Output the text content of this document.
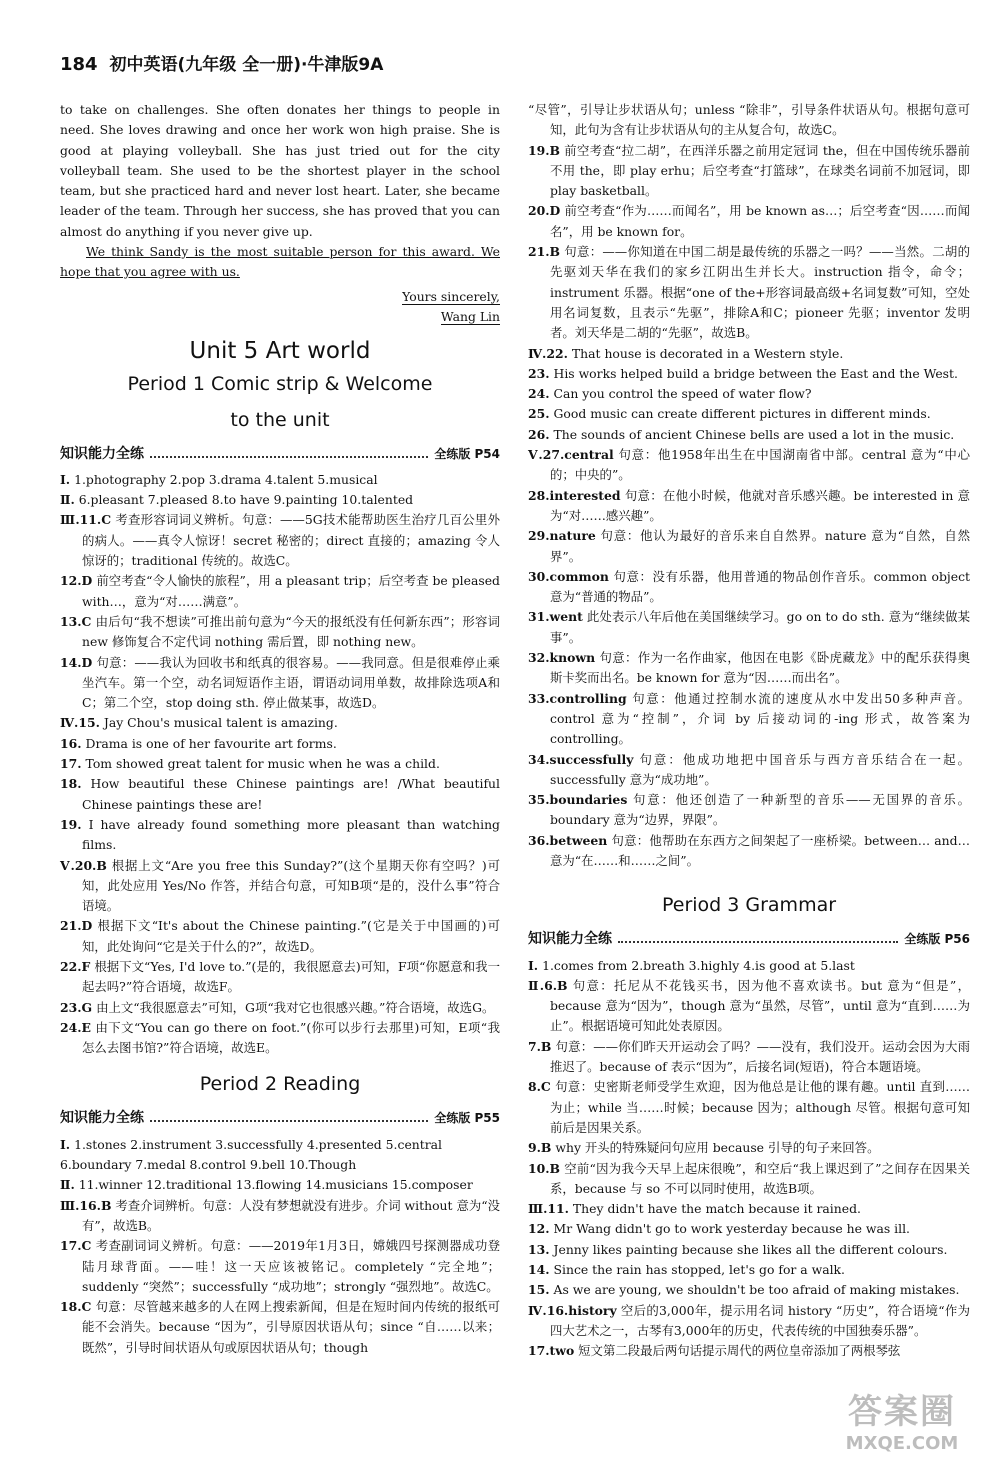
184 初中英语(九年级 全一册)·牛津版9A

to take on challenges. She often donates her things to people in need. She loves drawing and once her work won high praise. She is good at playing volleyball. She has just tried out for the city volleyball team. She used to be the shortest player in the school team, but she practiced hard and never lost heart. Later, she became leader of the team. Through her success, she has proved that you can almost do anything if you never give up.

We think Sandy is the most suitable person for this award. We hope that you agree with us.

Yours sincerely,

Wang Lin

Unit 5 Art world
Period 1 Comic strip & Welcome
to the unit
知识能力全练	全练版 P54

Ⅰ. 1.photography 2.pop 3.drama 4.talent 5.musical

Ⅱ. 6.pleasant 7.pleased 8.to have 9.painting 10.talented

Ⅲ.11.C 考查形容词词义辨析。句意：——5G技术能帮助医生治疗几百公里外的病人。——真令人惊讶！secret 秘密的；direct 直接的；amazing 令人惊讶的；traditional 传统的。故选C。

12.D 前空考查“令人愉快的旅程”，用 a pleasant trip；后空考查 be pleased with…，意为“对……满意”。

13.C 由后句“我不想读”可推出前句意为“今天的报纸没有任何新东西”；形容词 new 修饰复合不定代词 nothing 需后置，即 nothing new。

14.D 句意：——我认为回收书和纸真的很容易。——我同意。但是很难停止乘坐汽车。第一个空，动名词短语作主语，谓语动词用单数，故排除选项A和C；第二个空，stop doing sth. 停止做某事，故选D。

Ⅳ.15. Jay Chou's musical talent is amazing.

16. Drama is one of her favourite art forms.

17. Tom showed great talent for music when he was a child.

18. How beautiful these Chinese paintings are! /What beautiful Chinese paintings these are!

19. I have already found something more pleasant than watching films.

Ⅴ.20.B 根据上文“Are you free this Sunday?”(这个星期天你有空吗？)可知，此处应用 Yes/No 作答，并结合句意，可知B项“是的，没什么事”符合语境。

21.D 根据下文“It's about the Chinese painting.”(它是关于中国画的)可知，此处询问“它是关于什么的?”，故选D。

22.F 根据下文“Yes, I'd love to.”(是的，我很愿意去)可知，F项“你愿意和我一起去吗?”符合语境，故选F。

23.G 由上文“我很愿意去”可知，G项“我对它也很感兴趣。”符合语境，故选G。

24.E 由下文“You can go there on foot.”(你可以步行去那里)可知，E项“我怎么去图书馆?”符合语境，故选E。

Period 2 Reading
知识能力全练	全练版 P55

Ⅰ. 1.stones 2.instrument 3.successfully 4.presented 5.central

6.boundary 7.medal 8.control 9.bell 10.Though

Ⅱ. 11.winner 12.traditional 13.flowing 14.musicians 15.composer

Ⅲ.16.B 考查介词辨析。句意：人没有梦想就没有进步。介词 without 意为“没有”，故选B。

17.C 考查副词词义辨析。句意：——2019年1月3日，嫦娥四号探测器成功登陆月球背面。——哇！这一天应该被铭记。completely “完全地”；suddenly “突然”；successfully “成功地”；strongly “强烈地”。故选C。

18.C 句意：尽管越来越多的人在网上搜索新闻，但是在短时间内传统的报纸可能不会消失。because “因为”，引导原因状语从句；since “自……以来；既然”，引导时间状语从句或原因状语从句；though

“尽管”，引导让步状语从句；unless “除非”，引导条件状语从句。根据句意可知，此句为含有让步状语从句的主从复合句，故选C。

19.B 前空考查“拉二胡”，在西洋乐器之前用定冠词 the，但在中国传统乐器前不用 the，即 play erhu；后空考查“打篮球”，在球类名词前不加冠词，即 play basketball。

20.D 前空考查“作为……而闻名”，用 be known as…；后空考查“因……而闻名”，用 be known for。

21.B 句意：——你知道在中国二胡是最传统的乐器之一吗？——当然。二胡的先驱刘天华在我们的家乡江阴出生并长大。instruction 指令，命令；instrument 乐器。根据“one of the+形容词最高级+名词复数”可知，空处用名词复数，且表示“先驱”，排除A和C；pioneer 先驱；inventor 发明者。刘天华是二胡的“先驱”，故选B。

Ⅳ.22. That house is decorated in a Western style.

23. His works helped build a bridge between the East and the West.

24. Can you control the speed of water flow?

25. Good music can create different pictures in different minds.

26. The sounds of ancient Chinese bells are used a lot in the music.

Ⅴ.27.central 句意：他1958年出生在中国湖南省中部。central 意为“中心的；中央的”。

28.interested 句意：在他小时候，他就对音乐感兴趣。be interested in 意为“对……感兴趣”。

29.nature 句意：他认为最好的音乐来自自然界。nature 意为“自然，自然界”。

30.common 句意：没有乐器，他用普通的物品创作音乐。common object 意为“普通的物品”。

31.went 此处表示八年后他在美国继续学习。go on to do sth. 意为“继续做某事”。

32.known 句意：作为一名作曲家，他因在电影《卧虎藏龙》中的配乐获得奥斯卡奖而出名。be known for 意为“因……而出名”。

33.controlling 句意：他通过控制水流的速度从水中发出50多种声音。control 意为“控制”，介词 by 后接动词的-ing 形式，故答案为 controlling。

34.successfully 句意：他成功地把中国音乐与西方音乐结合在一起。successfully 意为“成功地”。

35.boundaries 句意：他还创造了一种新型的音乐——无国界的音乐。boundary 意为“边界，界限”。

36.between 句意：他帮助在东西方之间架起了一座桥梁。between… and…意为“在……和……之间”。

Period 3 Grammar
知识能力全练	全练版 P56

Ⅰ. 1.comes from 2.breath 3.highly 4.is good at 5.last

Ⅱ.6.B 句意：托尼从不花钱买书，因为他不喜欢读书。but 意为“但是”，because 意为“因为”，though 意为“虽然，尽管”，until 意为“直到……为止”。根据语境可知此处表原因。

7.B 句意：——你们昨天开运动会了吗？——没有，我们没开。运动会因为大雨推迟了。because of 表示“因为”，后接名词(短语)，符合本题语境。

8.C 句意：史密斯老师受学生欢迎，因为他总是让他的课有趣。until 直到……为止；while 当……时候；because 因为；although 尽管。根据句意可知前后是因果关系。

9.B why 开头的特殊疑问句应用 because 引导的句子来回答。

10.B 空前“因为我今天早上起床很晚”，和空后“我上课迟到了”之间存在因果关系，because 与 so 不可以同时使用，故选B项。

Ⅲ.11. They didn't have the match because it rained.

12. Mr Wang didn't go to work yesterday because he was ill.

13. Jenny likes painting because she likes all the different colours.

14. Since the rain has stopped, let's go for a walk.

15. As we are young, we shouldn't be too afraid of making mistakes.

Ⅳ.16.history 空后的3,000年，提示用名词 history “历史”，符合语境“作为四大艺术之一，古琴有3,000年的历史，代表传统的中国独奏乐器”。

17.two 短文第二段最后两句话提示周代的两位皇帝添加了两根琴弦

答案圈
MXQE.COM
